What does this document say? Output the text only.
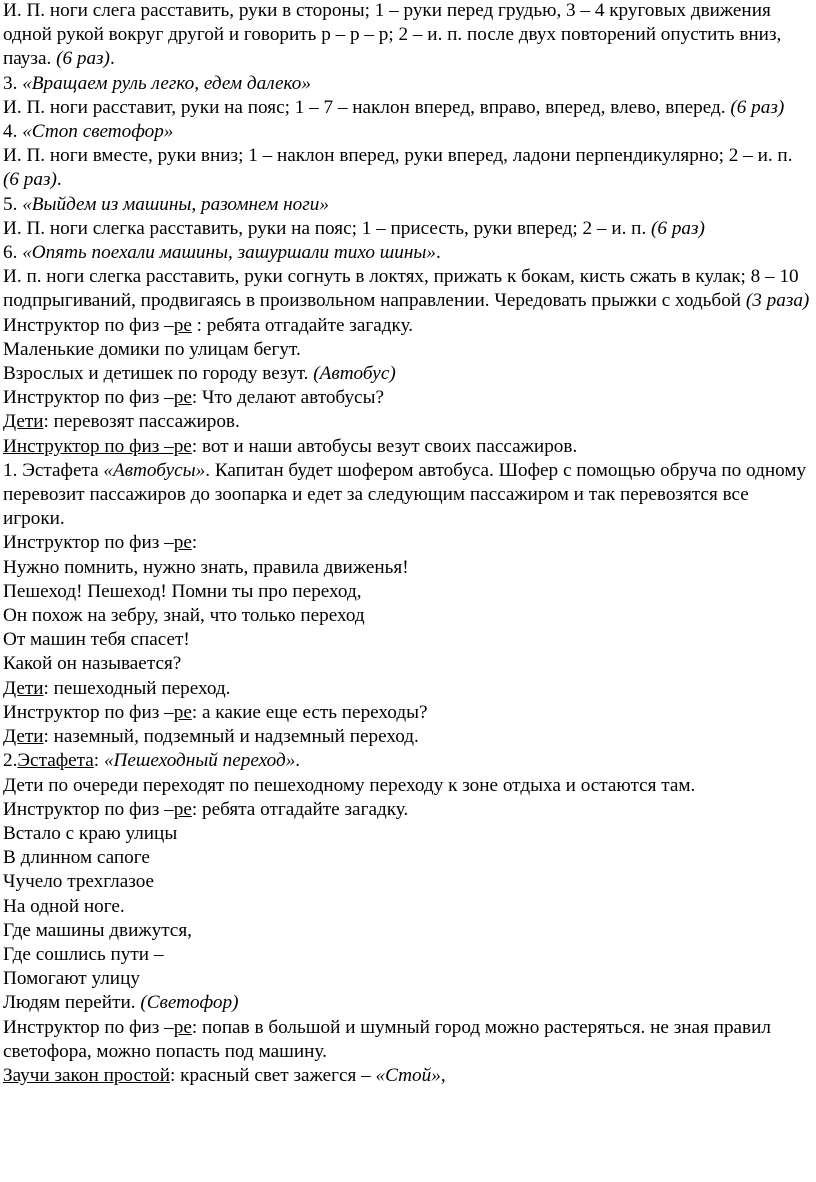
И. П. ноги слега расставить, руки в стороны; 1 – руки перед грудью, 3 – 4 круговых движения одной рукой вокруг другой и говорить р – р – р; 2 – и. п. после двух повторений опустить вниз, пауза. (6 раз).

3. «Вращаем руль легко, едем далеко»

И. П. ноги расставит, руки на пояс; 1 – 7 – наклон вперед, вправо, вперед, влево, вперед. (6 раз)

4. «Стоп светофор»

И. П. ноги вместе, руки вниз; 1 – наклон вперед, руки вперед, ладони перпендикулярно; 2 – и. п. (6 раз).

5. «Выйдем из машины, разомнем ноги»

И. П. ноги слегка расставить, руки на пояс; 1 – присесть, руки вперед; 2 – и. п. (6 раз)

6. «Опять поехали машины, зашуршали тихо шины».

И. п. ноги слегка расставить, руки согнуть в локтях, прижать к бокам, кисть сжать в кулак; 8 – 10 подпрыгиваний, продвигаясь в произвольном направлении. Чередовать прыжки с ходьбой (3 раза)

Инструктор по физ –ре : ребята отгадайте загадку.

Маленькие домики по улицам бегут.

Взрослых и детишек по городу везут. (Автобус)

Инструктор по физ –ре: Что делают автобусы?

Дети: перевозят пассажиров.

Инструктор по физ –ре: вот и наши автобусы везут своих пассажиров.

1. Эстафета «Автобусы». Капитан будет шофером автобуса. Шофер с помощью обруча по одному перевозит пассажиров до зоопарка и едет за следующим пассажиром и так перевозятся все игроки.

Инструктор по физ –ре:

Нужно помнить, нужно знать, правила движенья!

Пешеход! Пешеход! Помни ты про переход,

Он похож на зебру, знай, что только переход

От машин тебя спасет!

Какой он называется?

Дети: пешеходный переход.

Инструктор по физ –ре: а какие еще есть переходы?

Дети: наземный, подземный и надземный переход.

2.Эстафета: «Пешеходный переход».

Дети по очереди переходят по пешеходному переходу к зоне отдыха и остаются там.

Инструктор по физ –ре: ребята отгадайте загадку.

Встало с краю улицы

В длинном сапоге

Чучело трехглазое

На одной ноге.

Где машины движутся,

Где сошлись пути –

Помогают улицу

Людям перейти. (Светофор)

Инструктор по физ –ре: попав в большой и шумный город можно растеряться. не зная правил светофора, можно попасть под машину.

Заучи закон простой: красный свет зажегся – «Стой»,
